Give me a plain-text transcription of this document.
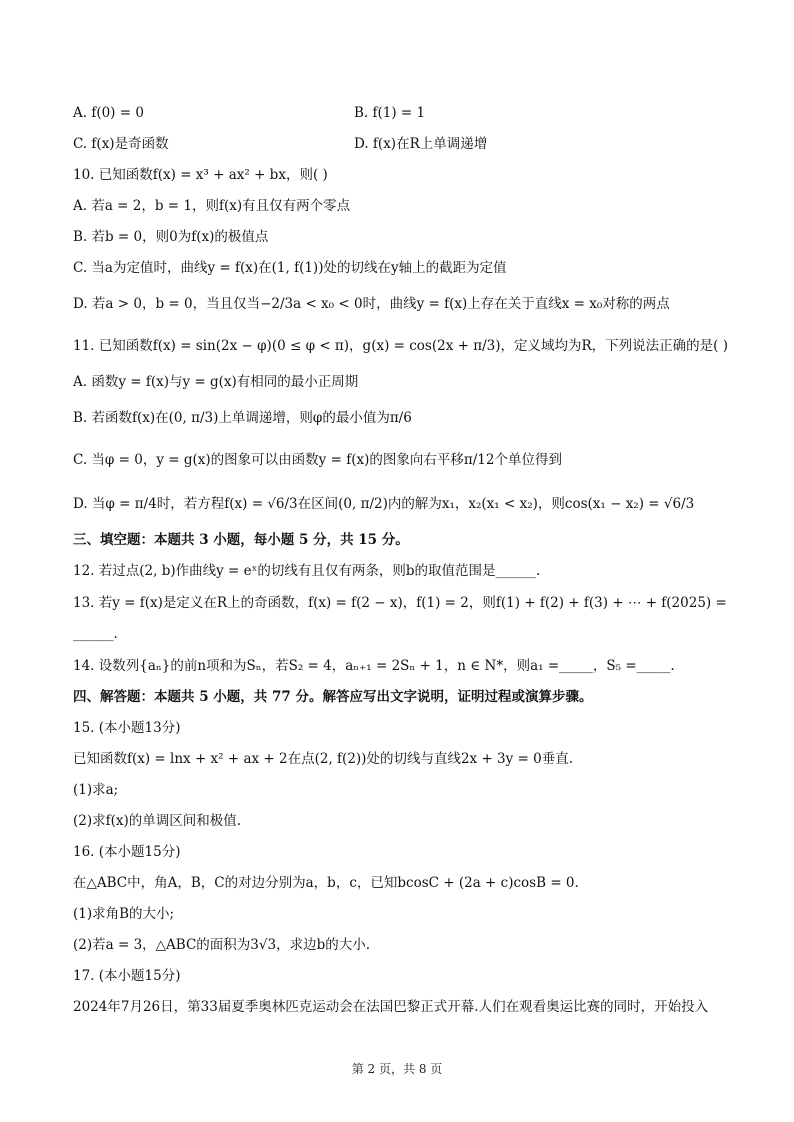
A. f(0) = 0	B. f(1) = 1
C. f(x)是奇函数	D. f(x)在R上单调递增
10. 已知函数f(x) = x³ + ax² + bx，则( )
A. 若a = 2，b = 1，则f(x)有且仅有两个零点
B. 若b = 0，则0为f(x)的极值点
C. 当a为定值时，曲线y = f(x)在(1, f(1))处的切线在y轴上的截距为定值
D. 若a > 0，b = 0，当且仅当−2/3a < x₀ < 0时，曲线y = f(x)上存在关于直线x = x₀对称的两点
11. 已知函数f(x) = sin(2x − φ)(0 ≤ φ < π)，g(x) = cos(2x + π/3)，定义域均为R，下列说法正确的是( )
A. 函数y = f(x)与y = g(x)有相同的最小正周期
B. 若函数f(x)在(0, π/3)上单调递增，则φ的最小值为π/6
C. 当φ = 0，y = g(x)的图象可以由函数y = f(x)的图象向右平移π/12个单位得到
D. 当φ = π/4时，若方程f(x) = √6/3在区间(0, π/2)内的解为x₁，x₂(x₁ < x₂)，则cos(x₁ − x₂) = √6/3
三、填空题：本题共 3 小题，每小题 5 分，共 15 分。
12. 若过点(2, b)作曲线y = eˣ的切线有且仅有两条，则b的取值范围是______.
13. 若y = f(x)是定义在R上的奇函数，f(x) = f(2 − x)，f(1) = 2，则f(1) + f(2) + f(3) + ⋯ + f(2025) =
______.
14. 设数列{aₙ}的前n项和为Sₙ，若S₂ = 4，aₙ₊₁ = 2Sₙ + 1，n ∈ N*，则a₁ =_____，S₅ =_____.
四、解答题：本题共 5 小题，共 77 分。解答应写出文字说明，证明过程或演算步骤。
15. (本小题13分)
已知函数f(x) = lnx + x² + ax + 2在点(2, f(2))处的切线与直线2x + 3y = 0垂直.
(1)求a;
(2)求f(x)的单调区间和极值.
16. (本小题15分)
在△ABC中，角A，B，C的对边分别为a，b，c，已知bcosC + (2a + c)cosB = 0.
(1)求角B的大小;
(2)若a = 3，△ABC的面积为3√3，求边b的大小.
17. (本小题15分)
2024年7月26日，第33届夏季奥林匹克运动会在法国巴黎正式开幕.人们在观看奥运比赛的同时，开始投入
第 2 页，共 8 页
